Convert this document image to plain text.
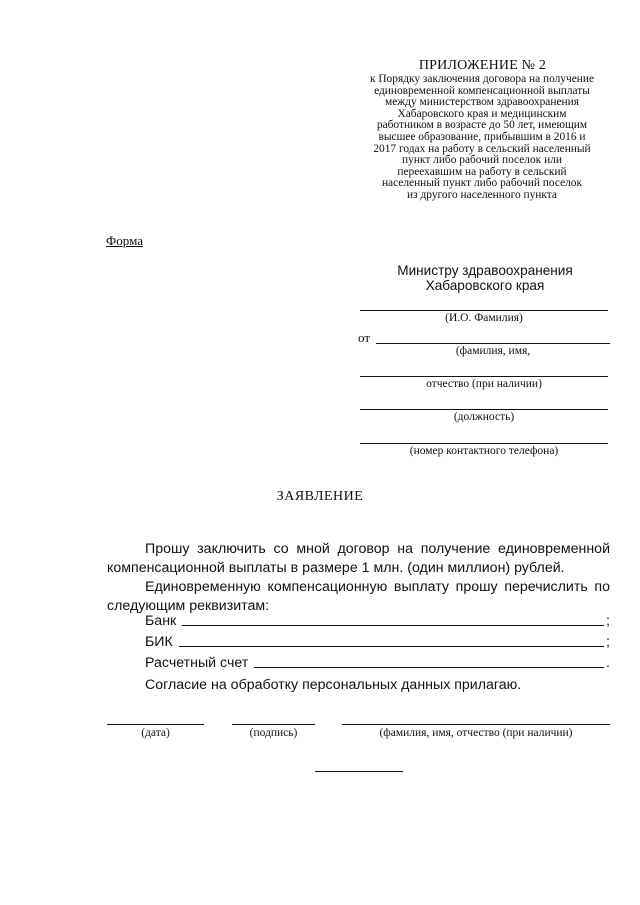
ПРИЛОЖЕНИЕ № 2
к Порядку заключения договора на получение
единовременной компенсационной выплаты
между министерством здравоохранения
Хабаровского края и медицинским
работником в возрасте до 50 лет, имеющим
высшее образование, прибывшим в 2016 и
2017 годах на работу в сельский населенный
пункт либо рабочий поселок или
переехавшим на работу в сельский
населенный пункт либо рабочий поселок
из другого населенного пункта
Форма
Министру здравоохранения
Хабаровского края
(И.О. Фамилия)
от
(фамилия, имя,
отчество (при наличии)
(должность)
(номер контактного телефона)
ЗАЯВЛЕНИЕ
Прошу заключить со мной договор на получение единовременной
компенсационной выплаты в размере 1 млн. (один миллион) рублей.
Единовременную компенсационную выплату прошу перечислить по
следующим реквизитам:
Банк	;
БИК	;
Расчетный счет	.
Согласие на обработку персональных данных прилагаю.
(дата)	(подпись)	(фамилия, имя, отчество (при наличии)
